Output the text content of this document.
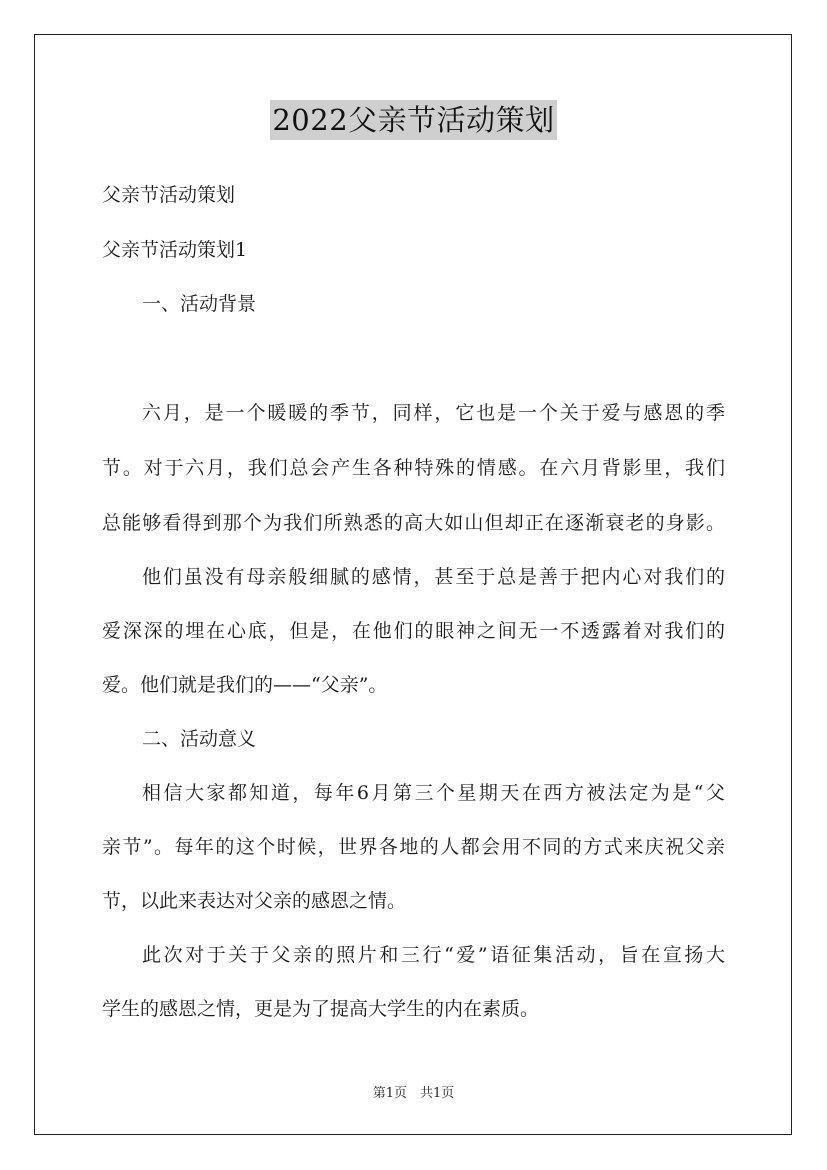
2022父亲节活动策划
父亲节活动策划
父亲节活动策划1
一、活动背景
六月，是一个暖暖的季节，同样，它也是一个关于爱与感恩的季
节。对于六月，我们总会产生各种特殊的情感。在六月背影里，我们
总能够看得到那个为我们所熟悉的高大如山但却正在逐渐衰老的身影。
他们虽没有母亲般细腻的感情，甚至于总是善于把内心对我们的
爱深深的埋在心底，但是，在他们的眼神之间无一不透露着对我们的
爱。他们就是我们的——“父亲”。
二、活动意义
相信大家都知道，每年6月第三个星期天在西方被法定为是“父
亲节”。每年的这个时候，世界各地的人都会用不同的方式来庆祝父亲
节，以此来表达对父亲的感恩之情。
此次对于关于父亲的照片和三行“爱”语征集活动，旨在宣扬大
学生的感恩之情，更是为了提高大学生的内在素质。
第1页　共1页
